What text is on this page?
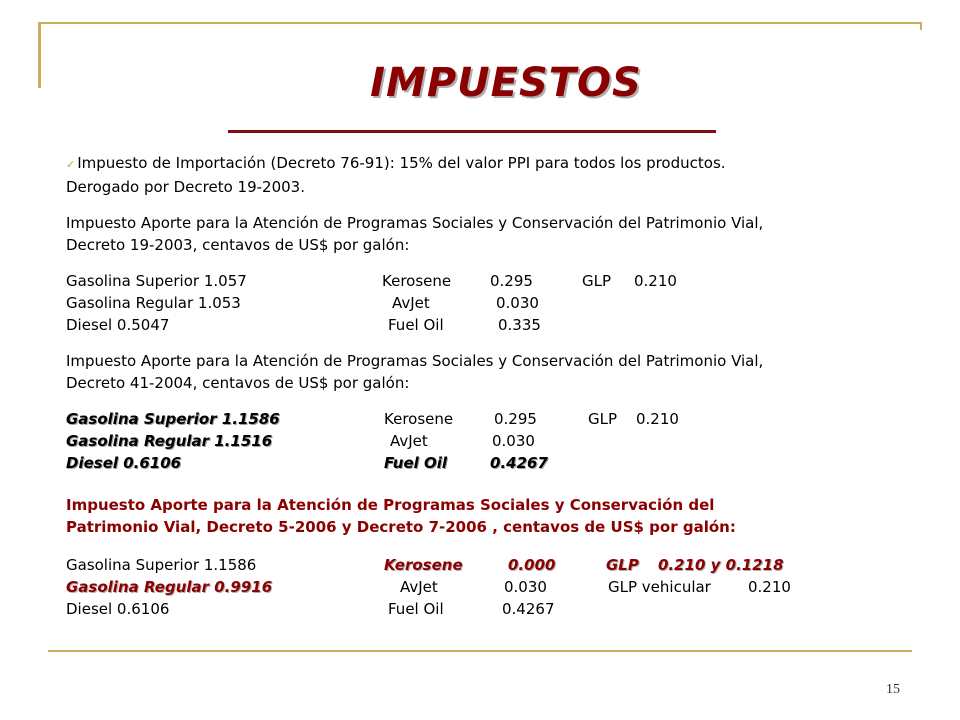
IMPUESTOS
✓ Impuesto de Importación (Decreto 76-91): 15% del valor PPI para todos los productos.
Derogado por Decreto 19-2003.
Impuesto Aporte para la Atención de Programas Sociales y Conservación del Patrimonio Vial,
Decreto 19-2003, centavos de US$ por galón:
Gasolina Superior 1.057	Kerosene	0.295	GLP 0.210
Gasolina Regular 1.053	AvJet	0.030
Diesel 0.5047	Fuel Oil	0.335
Impuesto Aporte para la Atención de Programas Sociales y Conservación del Patrimonio Vial,
Decreto 41-2004, centavos de US$ por galón:
Gasolina Superior 1.1586	Kerosene	0.295	GLP 0.210
Gasolina Regular 1.1516	AvJet	0.030
Diesel 0.6106	Fuel Oil	0.4267
Impuesto Aporte para la Atención de Programas Sociales y Conservación del
Patrimonio Vial, Decreto 5-2006 y Decreto 7-2006 , centavos de US$ por galón:
Gasolina Superior 1.1586	Kerosene	0.000	GLP 0.210 y 0.1218
Gasolina Regular 0.9916	AvJet	0.030	GLP vehicular 0.210
Diesel 0.6106	Fuel Oil	0.4267
15
